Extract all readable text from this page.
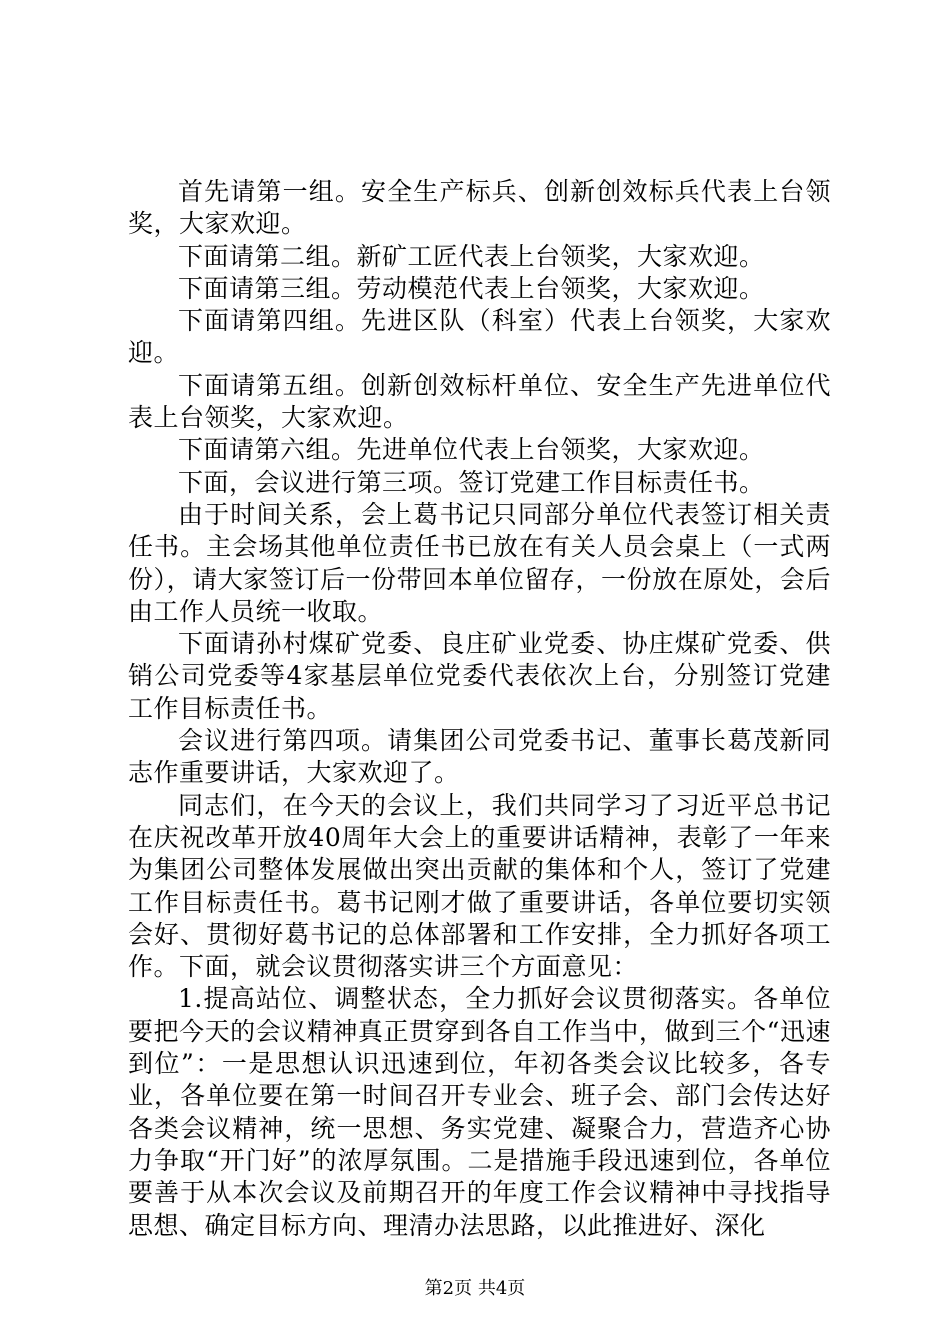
首先请第一组。安全生产标兵、创新创效标兵代表上台领奖，大家欢迎。

下面请第二组。新矿工匠代表上台领奖，大家欢迎。

下面请第三组。劳动模范代表上台领奖，大家欢迎。

下面请第四组。先进区队（科室）代表上台领奖，大家欢迎。

下面请第五组。创新创效标杆单位、安全生产先进单位代表上台领奖，大家欢迎。

下面请第六组。先进单位代表上台领奖，大家欢迎。

下面，会议进行第三项。签订党建工作目标责任书。

由于时间关系，会上葛书记只同部分单位代表签订相关责任书。主会场其他单位责任书已放在有关人员会桌上（一式两份），请大家签订后一份带回本单位留存，一份放在原处，会后由工作人员统一收取。

下面请孙村煤矿党委、良庄矿业党委、协庄煤矿党委、供销公司党委等4家基层单位党委代表依次上台，分别签订党建工作目标责任书。

会议进行第四项。请集团公司党委书记、董事长葛茂新同志作重要讲话，大家欢迎了。

同志们，在今天的会议上，我们共同学习了习近平总书记在庆祝改革开放40周年大会上的重要讲话精神，表彰了一年来为集团公司整体发展做出突出贡献的集体和个人，签订了党建工作目标责任书。葛书记刚才做了重要讲话，各单位要切实领会好、贯彻好葛书记的总体部署和工作安排，全力抓好各项工作。下面，就会议贯彻落实讲三个方面意见：

1.提高站位、调整状态，全力抓好会议贯彻落实。各单位要把今天的会议精神真正贯穿到各自工作当中，做到三个“迅速到位”：一是思想认识迅速到位，年初各类会议比较多，各专业，各单位要在第一时间召开专业会、班子会、部门会传达好各类会议精神，统一思想、务实党建、凝聚合力，营造齐心协力争取“开门好”的浓厚氛围。二是措施手段迅速到位，各单位要善于从本次会议及前期召开的年度工作会议精神中寻找指导思想、确定目标方向、理清办法思路，以此推进好、深化

第2页 共4页
